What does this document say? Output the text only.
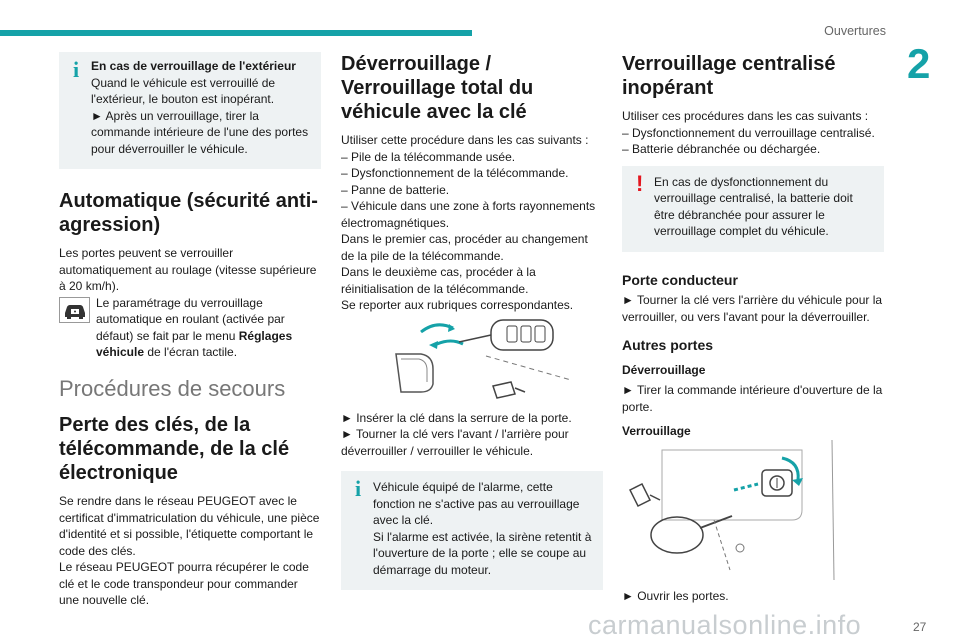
Ouvertures
2
i En cas de verrouillage de l'extérieur

Quand le véhicule est verrouillé de l'extérieur, le bouton est inopérant.

► Après un verrouillage, tirer la commande intérieure de l'une des portes pour déverrouiller le véhicule.

Automatique (sécurité anti-agression)

Les portes peuvent se verrouiller automatiquement au roulage (vitesse supérieure à 20 km/h).

Le paramétrage du verrouillage automatique en roulant (activée par défaut) se fait par le menu Réglages véhicule de l'écran tactile.

Procédures de secours
Perte des clés, de la télécommande, de la clé électronique

Se rendre dans le réseau PEUGEOT avec le certificat d'immatriculation du véhicule, une pièce d'identité et si possible, l'étiquette comportant le code des clés.

Le réseau PEUGEOT pourra récupérer le code clé et le code transpondeur pour commander une nouvelle clé.

Déverrouillage / Verrouillage total du véhicule avec la clé

Utiliser cette procédure dans les cas suivants :

– Pile de la télécommande usée.

– Dysfonctionnement de la télécommande.

– Panne de batterie.

– Véhicule dans une zone à forts rayonnements électromagnétiques.

Dans le premier cas, procéder au changement de la pile de la télécommande.

Dans le deuxième cas, procéder à la réinitialisation de la télécommande.

Se reporter aux rubriques correspondantes.

► Insérer la clé dans la serrure de la porte.

► Tourner la clé vers l'avant / l'arrière pour déverrouiller / verrouiller le véhicule.

i Véhicule équipé de l'alarme, cette fonction ne s'active pas au verrouillage avec la clé.

Si l'alarme est activée, la sirène retentit à l'ouverture de la porte ; elle se coupe au démarrage du moteur.

Verrouillage centralisé inopérant

Utiliser ces procédures dans les cas suivants :

– Dysfonctionnement du verrouillage centralisé.

– Batterie débranchée ou déchargée.

! En cas de dysfonctionnement du verrouillage centralisé, la batterie doit être débranchée pour assurer le verrouillage complet du véhicule.

Porte conducteur

► Tourner la clé vers l'arrière du véhicule pour la verrouiller, ou vers l'avant pour la déverrouiller.

Autres portes
Déverrouillage

► Tirer la commande intérieure d'ouverture de la porte.

Verrouillage

► Ouvrir les portes.

carmanualsonline.info	27
